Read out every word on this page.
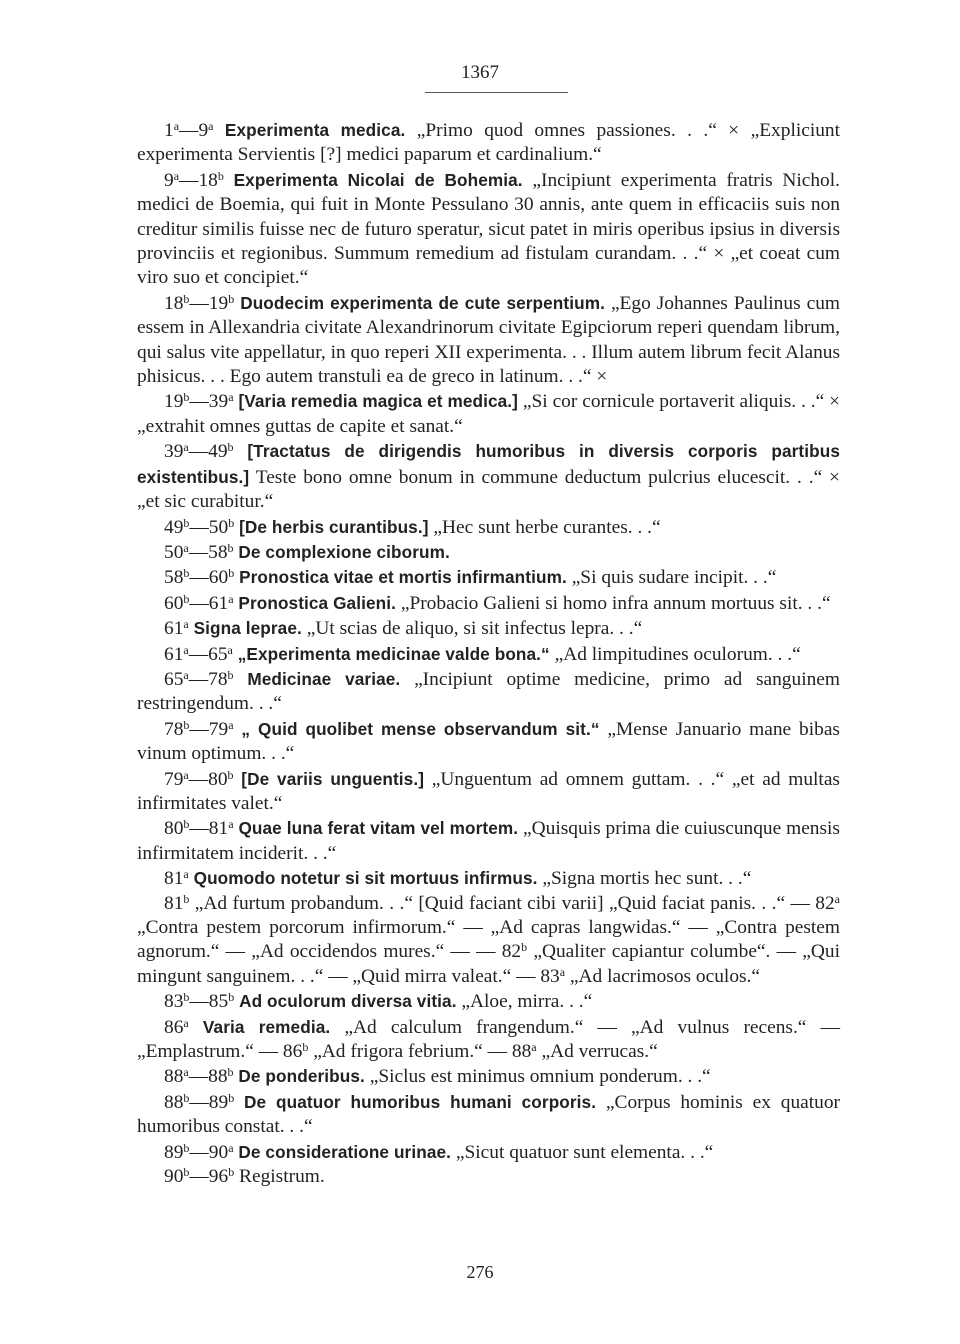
1367

1$^a$—9$^a$ Experimenta medica. „Primo quod omnes passiones. . .“ × „Expliciunt experimenta Servientis [?] medici paparum et cardinalium.“

9$^a$—18$^b$ Experimenta Nicolai de Bohemia. „Incipiunt experimenta fratris Nichol. medici de Boemia, qui fuit in Monte Pessulano 30 annis, ante quem in efficaciis suis non creditur similis fuisse nec de futuro speratur, sicut patet in miris operibus ipsius in diversis provinciis et regionibus. Summum remedium ad fistulam curandam. . .“ × „et coeat cum viro suo et concipiet.“

18$^b$—19$^b$ Duodecim experimenta de cute serpentium. „Ego Johannes Paulinus cum essem in Allexandria civitate Alexandrinorum civitate Egipciorum reperi quendam librum, qui salus vite appellatur, in quo reperi XII experimenta. . . Illum autem librum fecit Alanus phisicus. . . Ego autem transtuli ea de greco in latinum. . .“ ×

19$^b$—39$^a$ [Varia remedia magica et medica.] „Si cor cornicule portaverit aliquis. . .“ × „extrahit omnes guttas de capite et sanat.“

39$^a$—49$^b$ [Tractatus de dirigendis humoribus in diversis corporis partibus existentibus.] Teste bono omne bonum in commune deductum pulcrius elucescit. . .“ × „et sic curabitur.“

49$^b$—50$^b$ [De herbis curantibus.] „Hec sunt herbe curantes. . .“

50$^a$—58$^b$ De complexione ciborum.

58$^b$—60$^b$ Pronostica vitae et mortis infirmantium. „Si quis sudare incipit. . .“

60$^b$—61$^a$ Pronostica Galieni. „Probacio Galieni si homo infra annum mortuus sit. . .“

61$^a$ Signa leprae. „Ut scias de aliquo, si sit infectus lepra. . .“

61$^a$—65$^a$ „Experimenta medicinae valde bona.“ „Ad limpitudines oculorum. . .“

65$^a$—78$^b$ Medicinae variae. „Incipiunt optime medicine, primo ad sanguinem restringendum. . .“

78$^b$—79$^a$ „ Quid quolibet mense observandum sit.“ „Mense Januario mane bibas vinum optimum. . .“

79$^a$—80$^b$ [De variis unguentis.] „Unguentum ad omnem guttam. . .“ „et ad multas infirmitates valet.“

80$^b$—81$^a$ Quae luna ferat vitam vel mortem. „Quisquis prima die cuiuscunque mensis infirmitatem inciderit. . .“

81$^a$ Quomodo notetur si sit mortuus infirmus. „Signa mortis hec sunt. . .“

81$^b$ „Ad furtum probandum. . .“ [Quid faciant cibi varii] „Quid faciat panis. . .“ — 82$^a$ „Contra pestem porcorum infirmorum.“ — „Ad capras langwidas.“ — „Contra pestem agnorum.“ — „Ad occidendos mures.“ — — 82$^b$ „Qualiter capiantur columbe“. — „Qui mingunt sanguinem. . .“ — „Quid mirra valeat.“ — 83$^a$ „Ad lacrimosos oculos.“

83$^b$—85$^b$ Ad oculorum diversa vitia. „Aloe, mirra. . .“

86$^a$ Varia remedia. „Ad calculum frangendum.“ — „Ad vulnus recens.“ — „Emplastrum.“ — 86$^b$ „Ad frigora febrium.“ — 88$^a$ „Ad verrucas.“

88$^a$—88$^b$ De ponderibus. „Siclus est minimus omnium ponderum. . .“

88$^b$—89$^b$ De quatuor humoribus humani corporis. „Corpus hominis ex quatuor humoribus constat. . .“

89$^b$—90$^a$ De consideratione urinae. „Sicut quatuor sunt elementa. . .“

90$^b$—96$^b$ Registrum.

276
